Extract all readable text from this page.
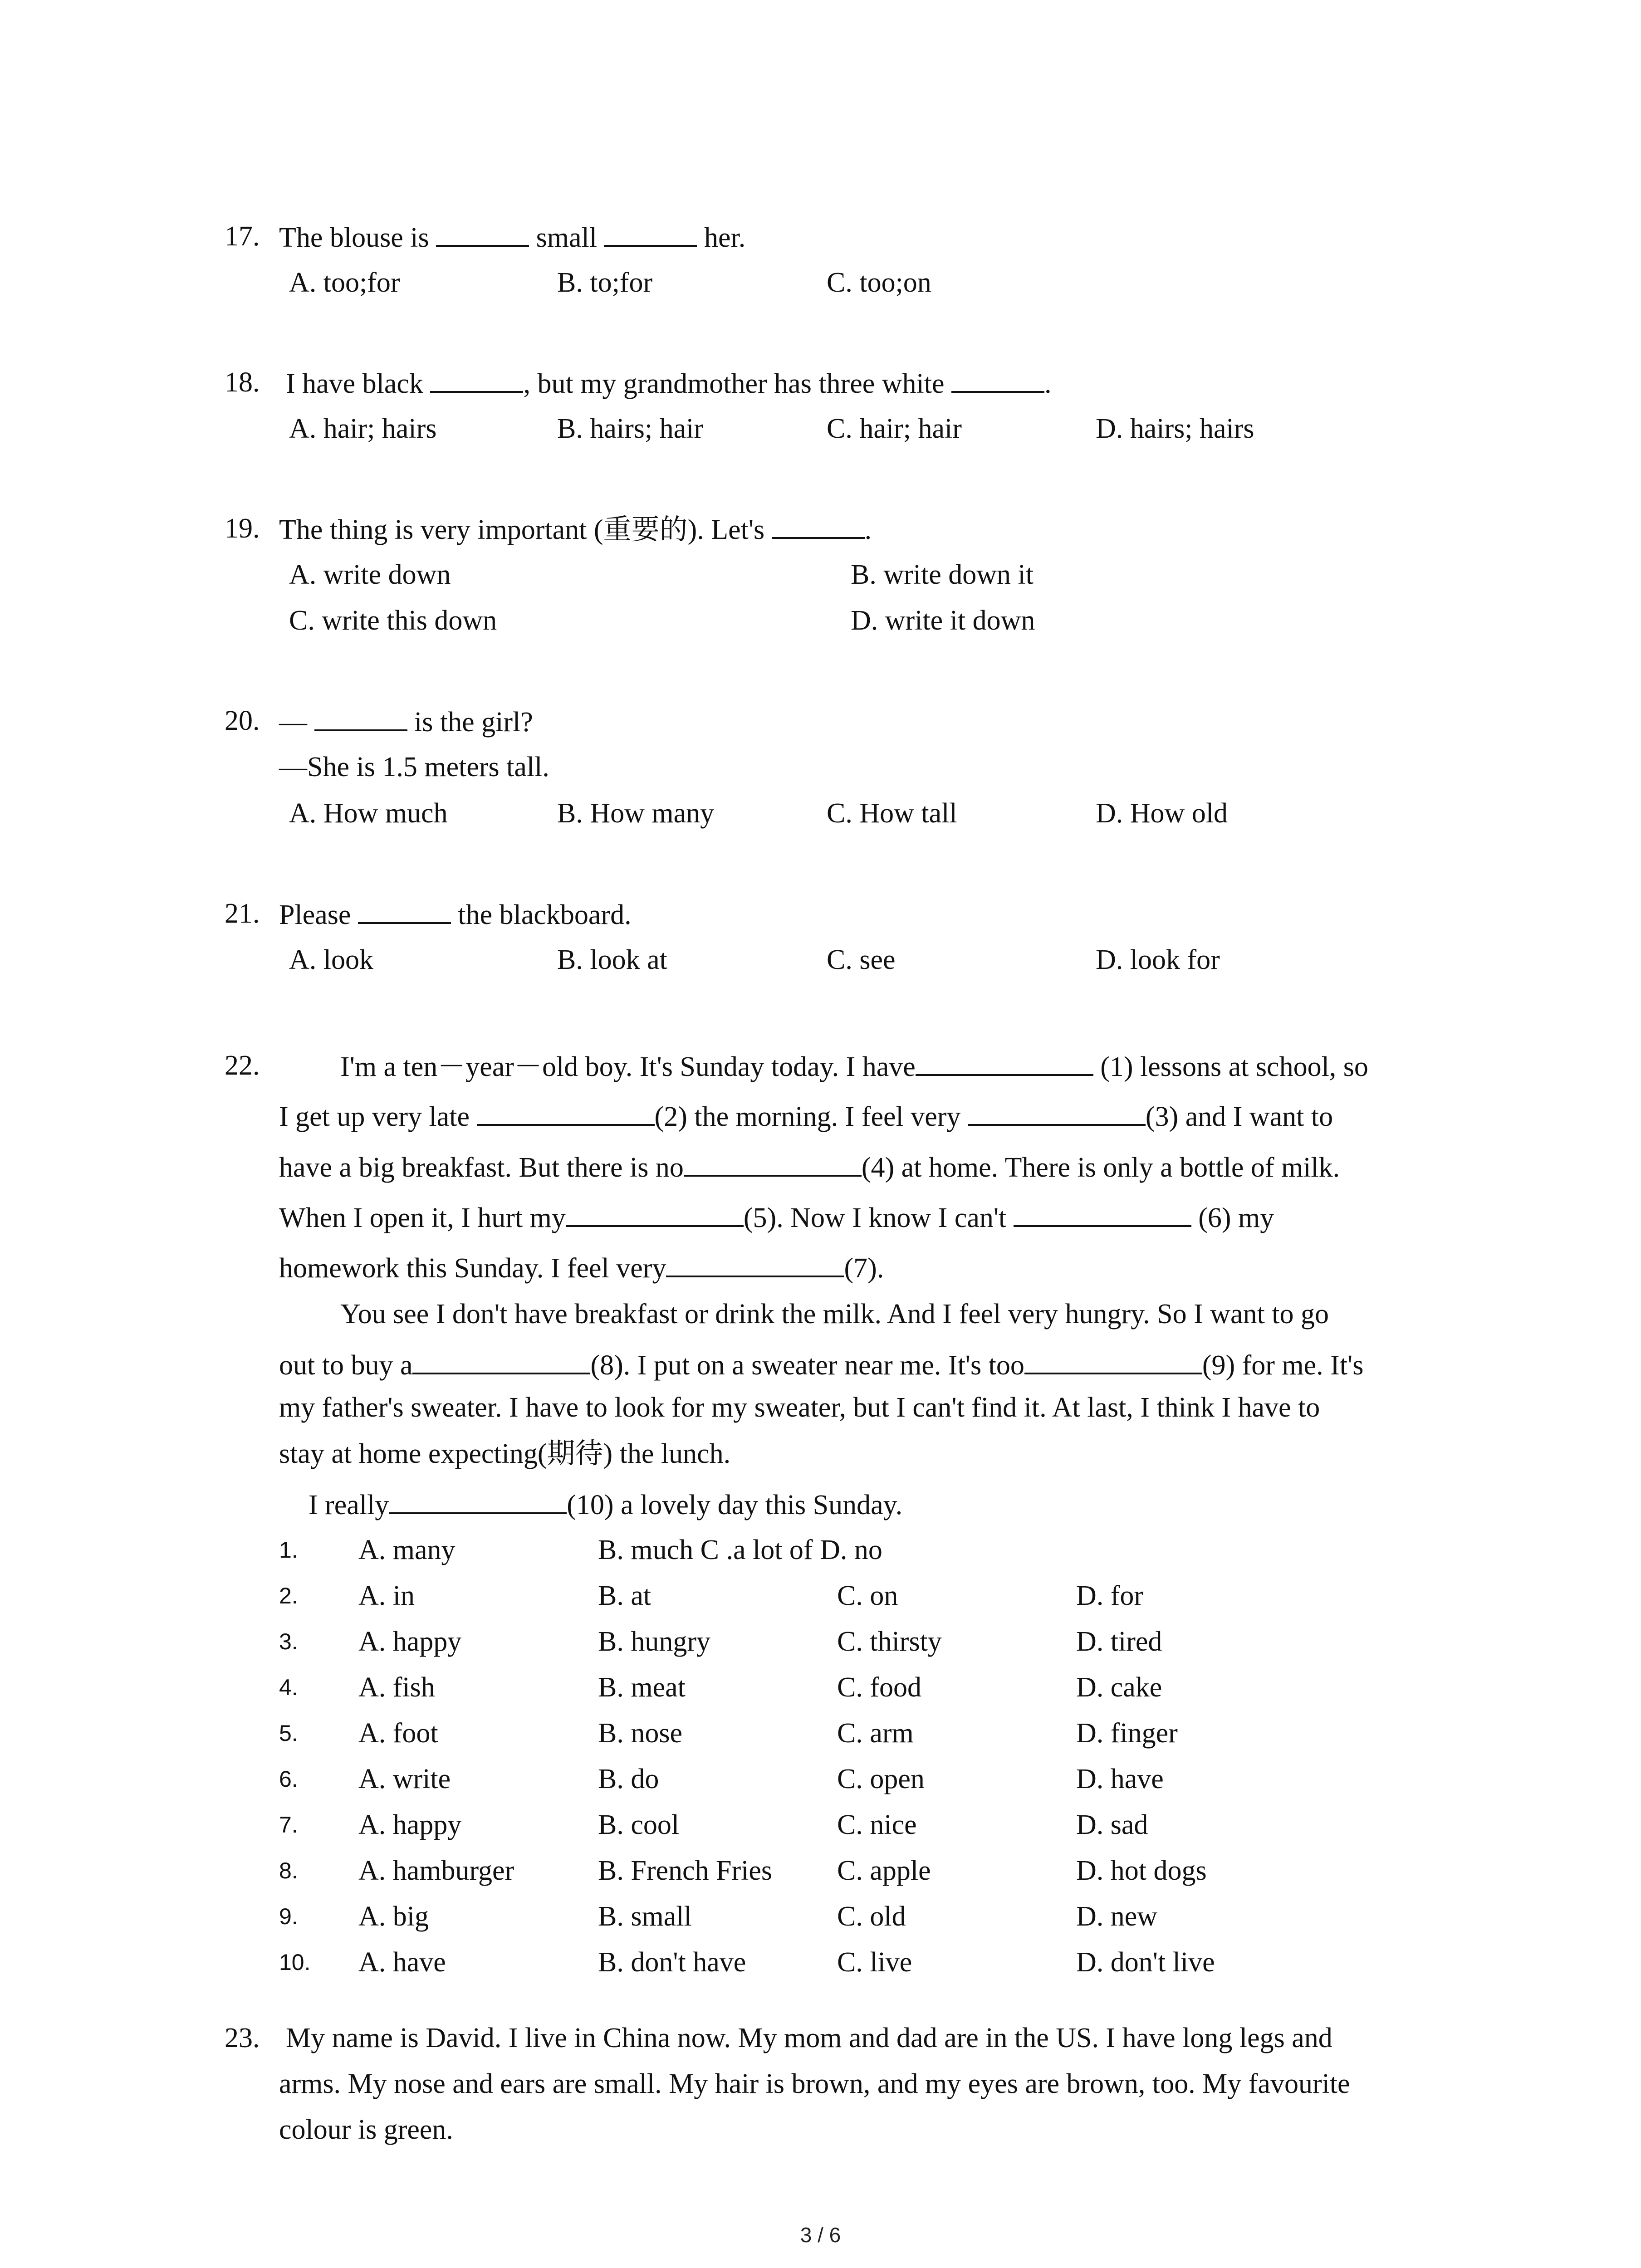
17. The blouse is	small	her.
A. too;for	B. to;for	C. too;on
18. I have black	, but my grandmother has three white	.
A. hair; hairs	B. hairs; hair	C. hair; hair	D. hairs; hairs
19. The thing is very important (重要的). Let's	.
A. write down	B. write down it
C. write this down	D. write it down
20. —	is the girl?
—She is 1.5 meters tall.
A. How much	B. How many	C. How tall	D. How old
21. Please	the blackboard.
A. look	B. look at	C. see	D. look for
22.	I'm a ten－year－old boy. It's Sunday today. I have	(1) lessons at school, so
I get up very late	(2) the morning. I feel very	(3) and I want to
have a big breakfast. But there is no	(4) at home. There is only a bottle of milk.
When I open it, I hurt my	(5). Now I know I can't	(6) my
homework this Sunday. I feel very	(7).
You see I don't have breakfast or drink the milk. And I feel very hungry. So I want to go
out to buy a	(8). I put on a sweater near me. It's too	(9) for me. It's
my father's sweater. I have to look for my sweater, but I can't find it. At last, I think I have to
stay at home expecting(期待) the lunch.
I really	(10) a lovely day this Sunday.
1. A. many	B. much C .a lot of D. no
2. A. in	B. at	C. on	D. for
3. A. happy	B. hungry	C. thirsty	D. tired
4. A. fish	B. meat	C. food	D. cake
5. A. foot	B. nose	C. arm	D. finger
6. A. write	B. do	C. open	D. have
7. A. happy	B. cool	C. nice	D. sad
8. A. hamburger	B. French Fries C. apple	D. hot dogs
9. A. big	B. small	C. old	D. new
10. A. have	B. don't have	C. live	D. don't live
23. My name is David. I live in China now. My mom and dad are in the US. I have long legs and
arms. My nose and ears are small. My hair is brown, and my eyes are brown, too. My favourite
colour is green.
3 / 6
